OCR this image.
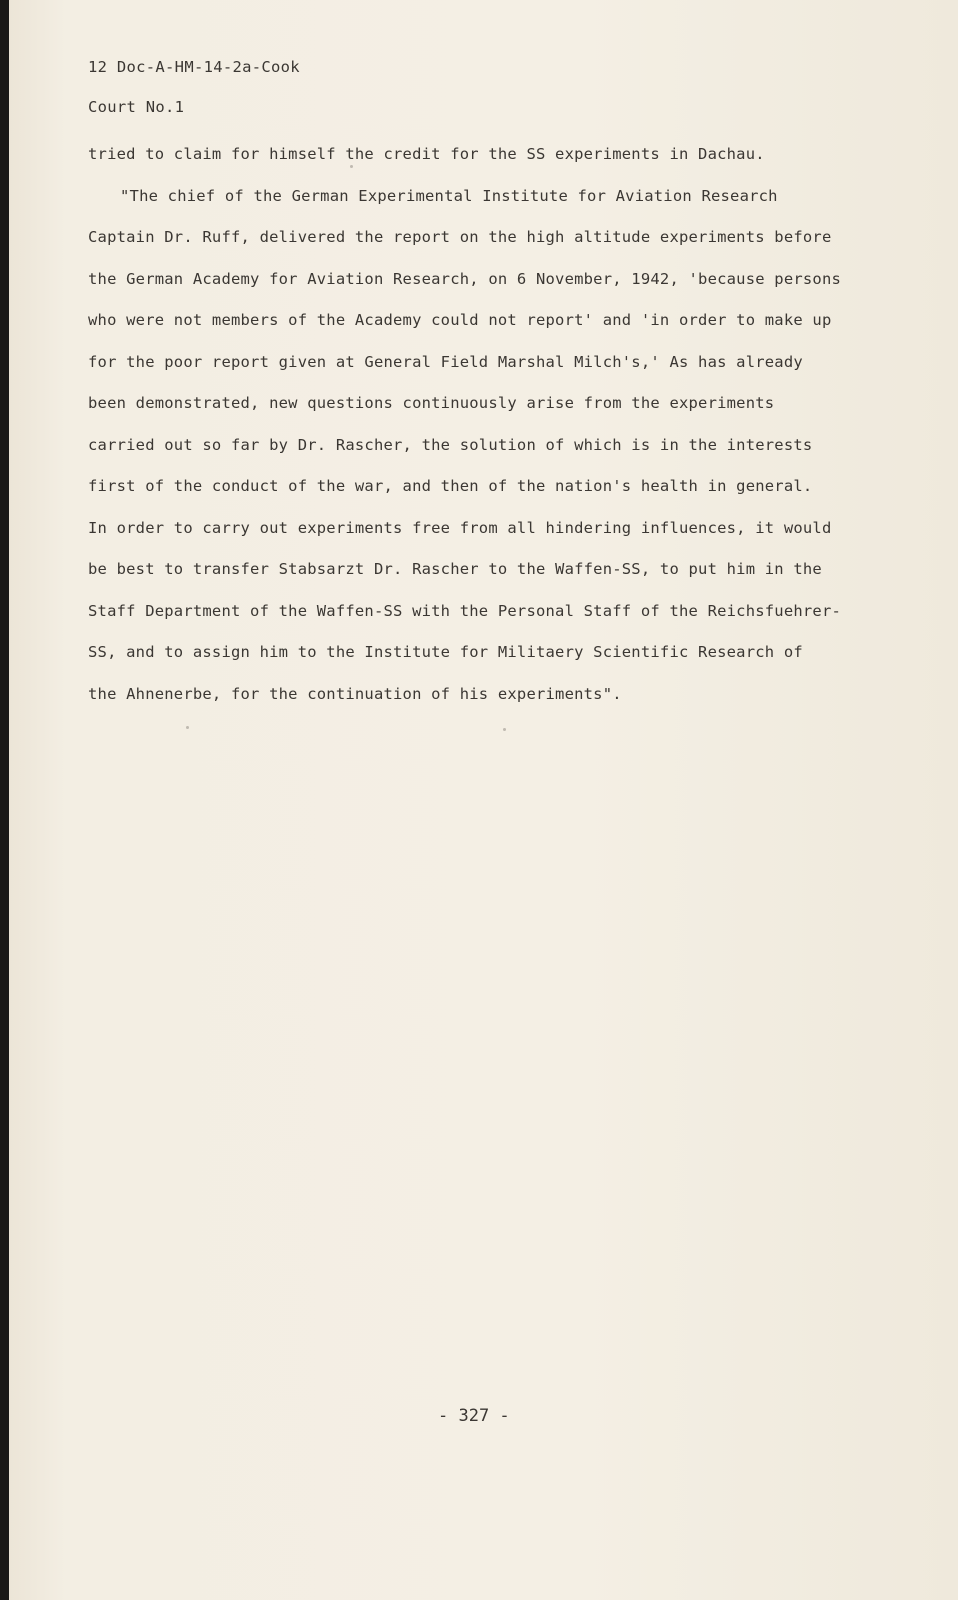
12 Doc-A-HM-14-2a-Cook
Court No.1
tried to claim for himself the credit for the SS experiments in Dachau.
"The chief of the German Experimental Institute for Aviation Research
Captain Dr. Ruff, delivered the report on the high altitude experiments before
the German Academy for Aviation Research, on 6 November, 1942, 'because persons
who were not members of the Academy could not report' and 'in order to make up
for the poor report given at General Field Marshal Milch's,' As has already
been demonstrated, new questions continuously arise from the experiments
carried out so far by Dr. Rascher, the solution of which is in the interests
first of the conduct of the war, and then of the nation's health in general.
In order to carry out experiments free from all hindering influences, it would
be best to transfer Stabsarzt Dr. Rascher to the Waffen-SS, to put him in the
Staff Department of the Waffen-SS with the Personal Staff of the Reichsfuehrer-
SS, and to assign him to the Institute for Militaery Scientific Research of
the Ahnenerbe, for the continuation of his experiments".
- 327 -
